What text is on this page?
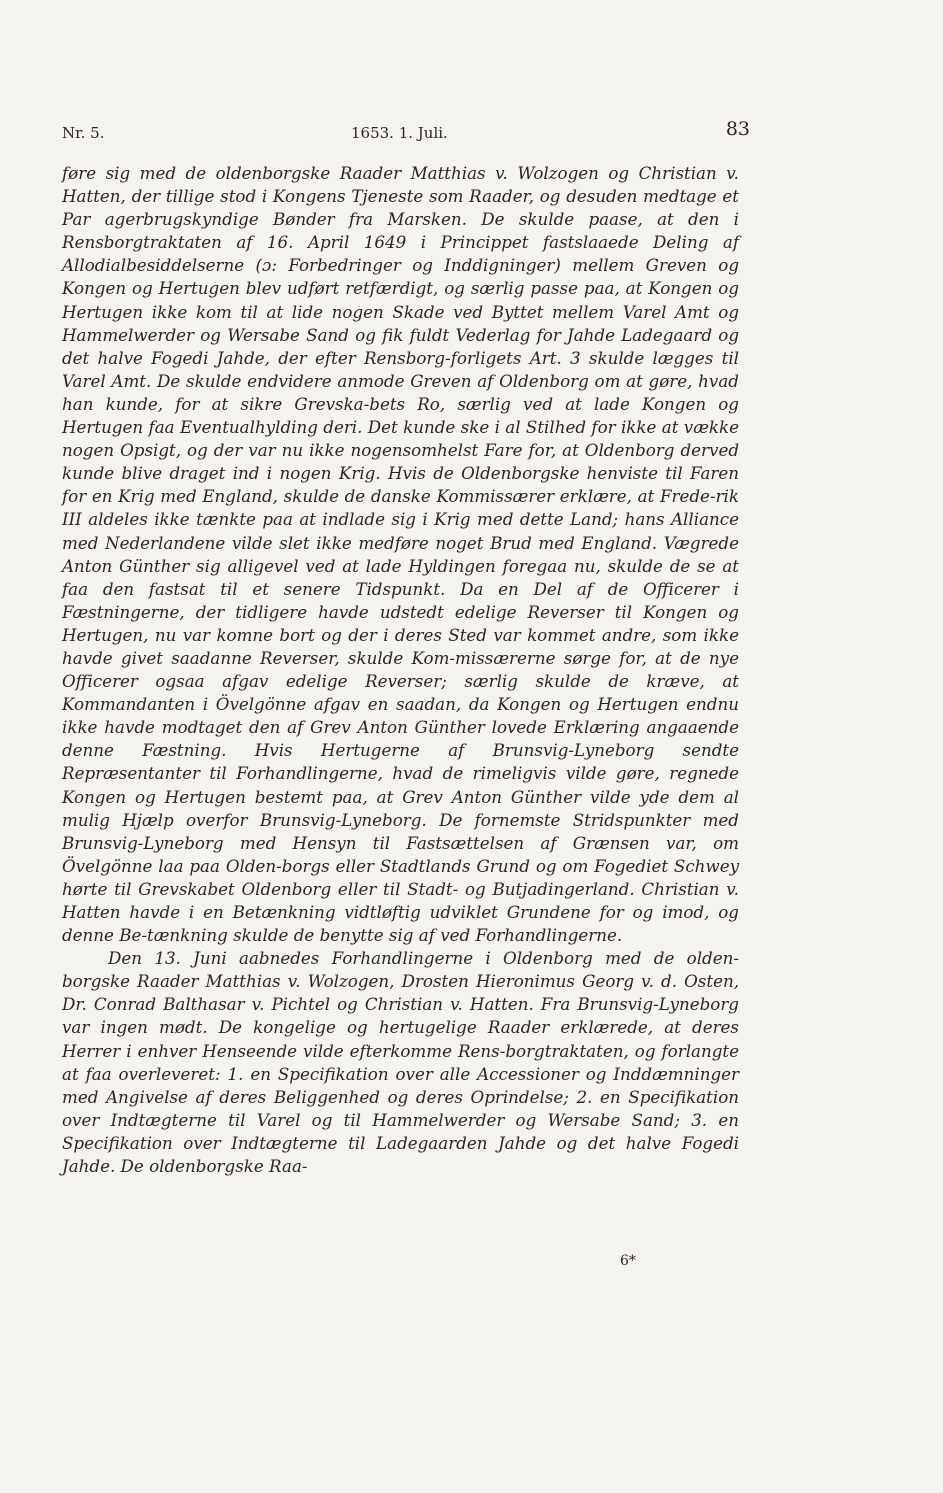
Nr. 5.	1653. 1. Juli.	83

føre sig med de oldenborgske Raader Matthias v. Wolzogen og Christian v. Hatten, der tillige stod i Kongens Tjeneste som Raader, og desuden medtage et Par agerbrugskyndige Bønder fra Marsken. De skulde paase, at den i Rensborgtraktaten af 16. April 1649 i Princippet fastslaaede Deling af Allodialbesiddelserne (ɔ: Forbedringer og Inddigninger) mellem Greven og Kongen og Hertugen blev udført retfærdigt, og særlig passe paa, at Kongen og Hertugen ikke kom til at lide nogen Skade ved Byttet mellem Varel Amt og Hammelwerder og Wersabe Sand og fik fuldt Vederlag for Jahde Ladegaard og det halve Fogedi Jahde, der efter Rensborg-forligets Art. 3 skulde lægges til Varel Amt. De skulde endvidere anmode Greven af Oldenborg om at gøre, hvad han kunde, for at sikre Grevska-bets Ro, særlig ved at lade Kongen og Hertugen faa Eventualhylding deri. Det kunde ske i al Stilhed for ikke at vække nogen Opsigt, og der var nu ikke nogensomhelst Fare for, at Oldenborg derved kunde blive draget ind i nogen Krig. Hvis de Oldenborgske henviste til Faren for en Krig med England, skulde de danske Kommissærer erklære, at Frede-rik III aldeles ikke tænkte paa at indlade sig i Krig med dette Land; hans Alliance med Nederlandene vilde slet ikke medføre noget Brud med England. Vægrede Anton Günther sig alligevel ved at lade Hyldingen foregaa nu, skulde de se at faa den fastsat til et senere Tidspunkt. Da en Del af de Officerer i Fæstningerne, der tidligere havde udstedt edelige Reverser til Kongen og Hertugen, nu var komne bort og der i deres Sted var kommet andre, som ikke havde givet saadanne Reverser, skulde Kom-missærerne sørge for, at de nye Officerer ogsaa afgav edelige Reverser; særlig skulde de kræve, at Kommandanten i Övelgönne afgav en saadan, da Kongen og Hertugen endnu ikke havde modtaget den af Grev Anton Günther lovede Erklæring angaaende denne Fæstning. Hvis Hertugerne af Brunsvig-Lyneborg sendte Repræsentanter til Forhandlingerne, hvad de rimeligvis vilde gøre, regnede Kongen og Hertugen bestemt paa, at Grev Anton Günther vilde yde dem al mulig Hjælp overfor Brunsvig-Lyneborg. De fornemste Stridspunkter med Brunsvig-Lyneborg med Hensyn til Fastsættelsen af Grænsen var, om Övelgönne laa paa Olden-borgs eller Stadtlands Grund og om Fogediet Schwey hørte til Grevskabet Oldenborg eller til Stadt- og Butjadingerland. Christian v. Hatten havde i en Betænkning vidtløftig udviklet Grundene for og imod, og denne Be-tænkning skulde de benytte sig af ved Forhandlingerne.

Den 13. Juni aabnedes Forhandlingerne i Oldenborg med de olden-borgske Raader Matthias v. Wolzogen, Drosten Hieronimus Georg v. d. Osten, Dr. Conrad Balthasar v. Pichtel og Christian v. Hatten. Fra Brunsvig-Lyneborg var ingen mødt. De kongelige og hertugelige Raader erklærede, at deres Herrer i enhver Henseende vilde efterkomme Rens-borgtraktaten, og forlangte at faa overleveret: 1. en Specifikation over alle Accessioner og Inddæmninger med Angivelse af deres Beliggenhed og deres Oprindelse; 2. en Specifikation over Indtægterne til Varel og til Hammelwerder og Wersabe Sand; 3. en Specifikation over Indtægterne til Ladegaarden Jahde og det halve Fogedi Jahde. De oldenborgske Raa-

6*
